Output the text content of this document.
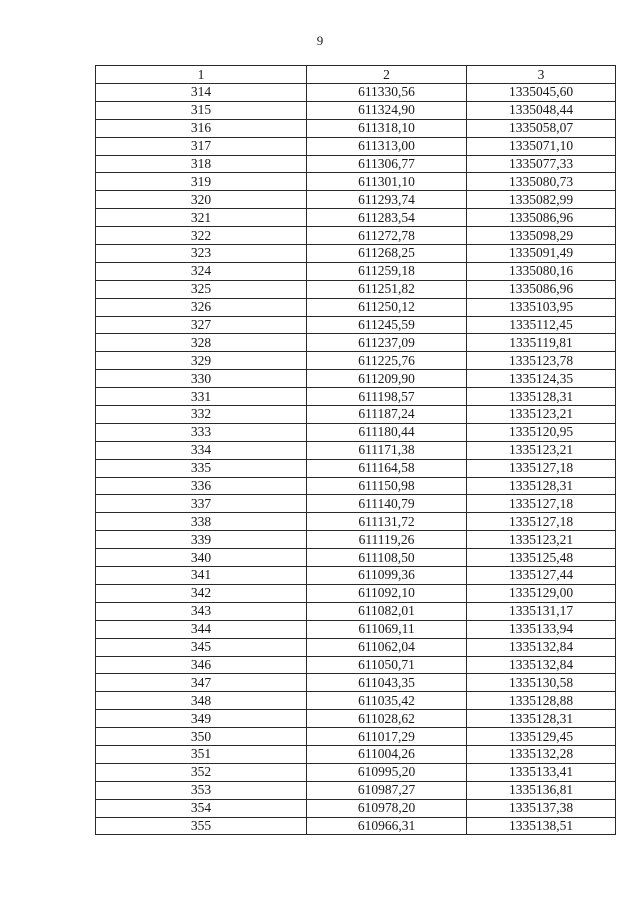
9
1	2	3
314	611330,56	1335045,60
315	611324,90	1335048,44
316	611318,10	1335058,07
317	611313,00	1335071,10
318	611306,77	1335077,33
319	611301,10	1335080,73
320	611293,74	1335082,99
321	611283,54	1335086,96
322	611272,78	1335098,29
323	611268,25	1335091,49
324	611259,18	1335080,16
325	611251,82	1335086,96
326	611250,12	1335103,95
327	611245,59	1335112,45
328	611237,09	1335119,81
329	611225,76	1335123,78
330	611209,90	1335124,35
331	611198,57	1335128,31
332	611187,24	1335123,21
333	611180,44	1335120,95
334	611171,38	1335123,21
335	611164,58	1335127,18
336	611150,98	1335128,31
337	611140,79	1335127,18
338	611131,72	1335127,18
339	611119,26	1335123,21
340	611108,50	1335125,48
341	611099,36	1335127,44
342	611092,10	1335129,00
343	611082,01	1335131,17
344	611069,11	1335133,94
345	611062,04	1335132,84
346	611050,71	1335132,84
347	611043,35	1335130,58
348	611035,42	1335128,88
349	611028,62	1335128,31
350	611017,29	1335129,45
351	611004,26	1335132,28
352	610995,20	1335133,41
353	610987,27	1335136,81
354	610978,20	1335137,38
355	610966,31	1335138,51
